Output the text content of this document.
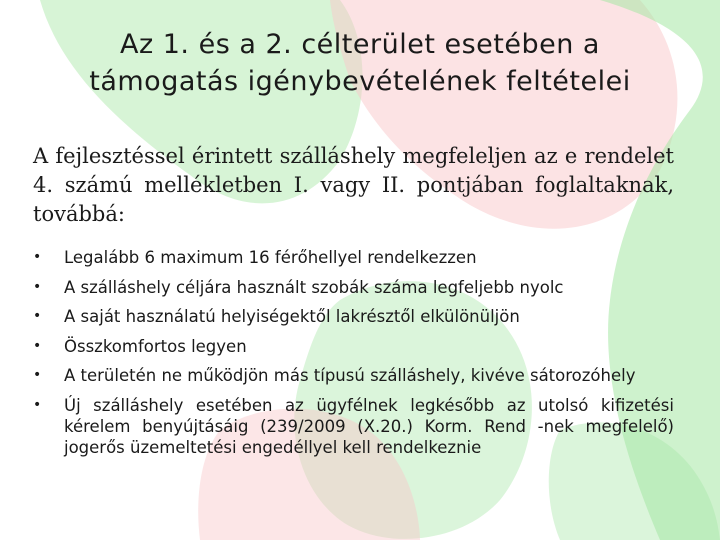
Az 1. és a 2. célterület esetében a
támogatás igénybevételének feltételei
A fejlesztéssel érintett szálláshely megfeleljen az e rendelet 4. számú mellékletben I. vagy II. pontjában foglaltaknak, továbbá:
• Legalább 6 maximum 16 férőhellyel rendelkezzen
• A szálláshely céljára használt szobák száma legfeljebb nyolc
• A saját használatú helyiségektől lakrésztől elkülönüljön
• Összkomfortos legyen
• A területén ne működjön más típusú szálláshely, kivéve sátorozóhely
• Új szálláshely esetében az ügyfélnek legkésőbb az utolsó kifizetési kérelem benyújtásáig (239/2009 (X.20.) Korm. Rend -nek megfelelő) jogerős üzemeltetési engedéllyel kell rendelkeznie
